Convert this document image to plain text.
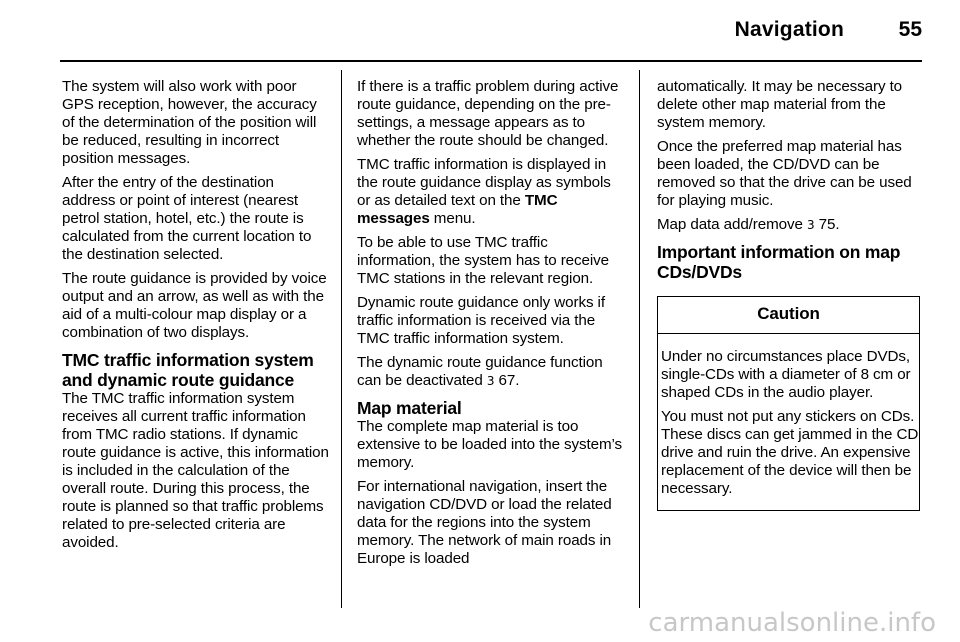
Navigation	55

The system will also work with poor GPS reception, however, the accuracy of the determination of the position will be reduced, resulting in incorrect position messages.

After the entry of the destination address or point of interest (nearest petrol station, hotel, etc.) the route is calculated from the current location to the destination selected.

The route guidance is provided by voice output and an arrow, as well as with the aid of a multi-colour map display or a combination of two displays.

TMC traffic information system and dynamic route guidance

The TMC traffic information system receives all current traffic information from TMC radio stations. If dynamic route guidance is active, this information is included in the calculation of the overall route. During this process, the route is planned so that traffic problems related to pre-selected criteria are avoided.

If there is a traffic problem during active route guidance, depending on the pre-settings, a message appears as to whether the route should be changed.

TMC traffic information is displayed in the route guidance display as symbols or as detailed text on the TMC messages menu.

To be able to use TMC traffic information, the system has to receive TMC stations in the relevant region.

Dynamic route guidance only works if traffic information is received via the TMC traffic information system.

The dynamic route guidance function can be deactivated 3 67.

Map material

The complete map material is too extensive to be loaded into the system’s memory.

For international navigation, insert the navigation CD/DVD or load the related data for the regions into the system memory. The network of main roads in Europe is loaded

automatically. It may be necessary to delete other map material from the system memory.

Once the preferred map material has been loaded, the CD/DVD can be removed so that the drive can be used for playing music.

Map data add/remove 3 75.

Important information on map CDs/DVDs
Caution

Under no circumstances place DVDs, single-CDs with a diameter of 8 cm or shaped CDs in the audio player.

You must not put any stickers on CDs. These discs can get jammed in the CD drive and ruin the drive. An expensive replacement of the device will then be necessary.

carmanualsonline.info
